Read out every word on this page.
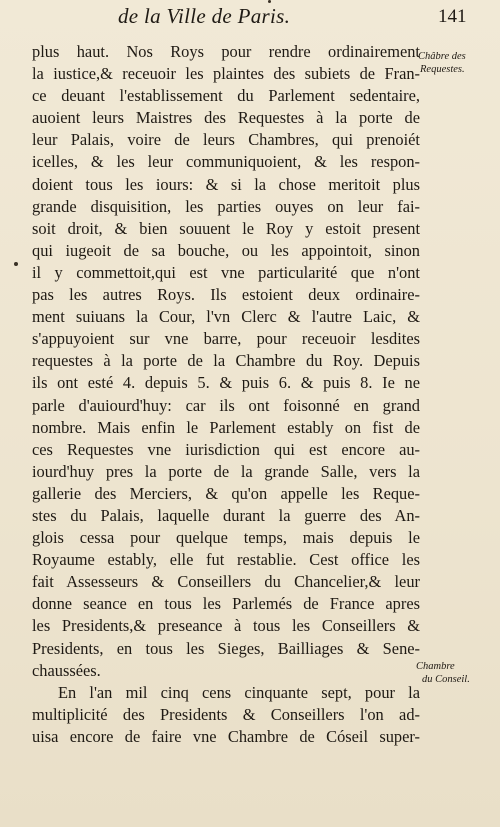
de la Ville de Paris.	141
Châbre des
Requestes.
plus haut. Nos Roys pour rendre ordinairement
la iustice,& receuoir les plaintes des subiets de Fran-
ce deuant l'establissement du Parlement sedentaire,
auoient leurs Maistres des Requestes à la porte de
leur Palais, voire de leurs Chambres, qui prenoiét
icelles, & les leur communiquoient, & les respon-
doient tous les iours: & si la chose meritoit plus
grande disquisition, les parties ouyes on leur fai-
soit droit, & bien souuent le Roy y estoit present
qui iugeoit de sa bouche, ou les appointoit, sinon
il y commettoit,qui est vne particularité que n'ont
pas les autres Roys. Ils estoient deux ordinaire-
ment suiuans la Cour, l'vn Clerc & l'autre Laic, &
s'appuyoient sur vne barre, pour receuoir lesdites
requestes à la porte de la Chambre du Roy. Depuis
ils ont esté 4. depuis 5. & puis 6. & puis 8. Ie ne
parle d'auiourd'huy: car ils ont foisonné en grand
nombre. Mais enfin le Parlement estably on fist de
ces Requestes vne iurisdiction qui est encore au-
iourd'huy pres la porte de la grande Salle, vers la
gallerie des Merciers, & qu'on appelle les Reque-
stes du Palais, laquelle durant la guerre des An-
glois cessa pour quelque temps, mais depuis le
Royaume estably, elle fut restablie. Cest office les
fait Assesseurs & Conseillers du Chancelier,& leur
donne seance en tous les Parlemés de France apres
les Presidents,& preseance à tous les Conseillers &
Presidents, en tous les Sieges, Bailliages & Sene-
chaussées.
En l'an mil cinq cens cinquante sept, pour la
multiplicité des Presidents & Conseillers l'on ad-
uisa encore de faire vne Chambre de Cóseil super-
Chambre
du Conseil.
